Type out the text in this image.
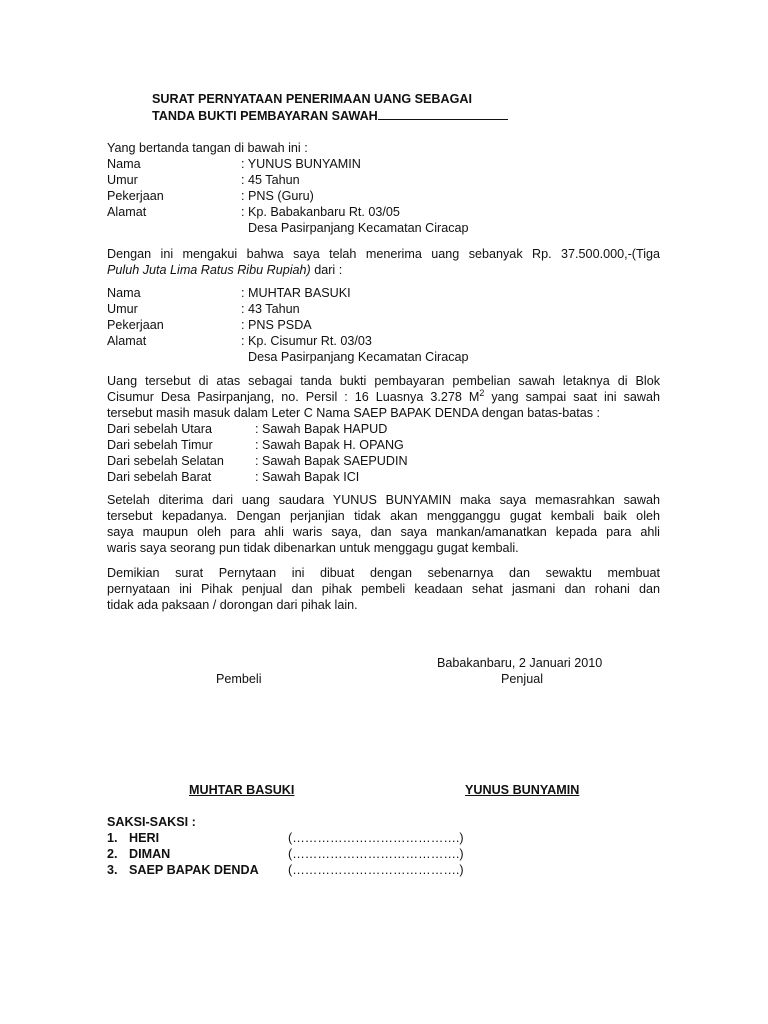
SURAT PERNYATAAN PENERIMAAN UANG SEBAGAI
TANDA BUKTI PEMBAYARAN SAWAH
Yang bertanda tangan di bawah ini :
Nama	: YUNUS BUNYAMIN
Umur	: 45 Tahun
Pekerjaan	: PNS (Guru)
Alamat	: Kp. Babakanbaru Rt. 03/05
Desa Pasirpanjang Kecamatan Ciracap
Dengan ini mengakui bahwa saya telah menerima uang sebanyak Rp. 37.500.000,-(Tiga
Puluh Juta Lima Ratus Ribu Rupiah) dari :
Nama	: MUHTAR BASUKI
Umur	: 43 Tahun
Pekerjaan	: PNS PSDA
Alamat	: Kp. Cisumur Rt. 03/03
Desa Pasirpanjang Kecamatan Ciracap
Uang tersebut di atas sebagai tanda bukti pembayaran pembelian sawah letaknya di Blok
Cisumur Desa Pasirpanjang, no. Persil : 16 Luasnya 3.278 $M^2$ yang sampai saat ini sawah
tersebut masih masuk dalam Leter C Nama SAEP BAPAK DENDA dengan batas-batas :
Dari sebelah Utara	: Sawah Bapak HAPUD
Dari sebelah Timur	: Sawah Bapak H. OPANG
Dari sebelah Selatan : Sawah Bapak SAEPUDIN
Dari sebelah Barat	: Sawah Bapak ICI
Setelah diterima dari uang saudara YUNUS BUNYAMIN maka saya memasrahkan sawah
tersebut kepadanya. Dengan perjanjian tidak akan mengganggu gugat kembali baik oleh
saya maupun oleh para ahli waris saya, dan saya mankan/amanatkan kepada para ahli
waris saya seorang pun tidak dibenarkan untuk menggagu gugat kembali.
Demikian surat Pernytaan ini dibuat dengan sebenarnya dan sewaktu membuat
pernyataan ini Pihak penjual dan pihak pembeli keadaan sehat jasmani dan rohani dan
tidak ada paksaan / dorongan dari pihak lain.
Babakanbaru, 2 Januari 2010
Pembeli	Penjual
MUHTAR BASUKI	YUNUS BUNYAMIN
SAKSI-SAKSI :
1. HERI	(………………………………….)
2. DIMAN	(………………………………….)
3. SAEP BAPAK DENDA (………………………………….)
